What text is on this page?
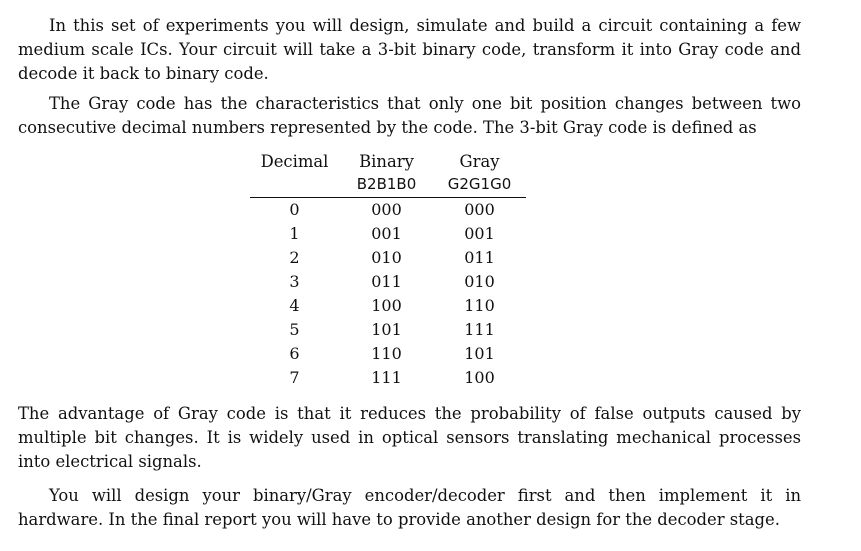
In this set of experiments you will design, simulate and build a circuit containing a few medium scale ICs. Your circuit will take a 3-bit binary code, transform it into Gray code and decode it back to binary code.

The Gray code has the characteristics that only one bit position changes between two consecutive decimal numbers represented by the code. The 3-bit Gray code is defined as

Decimal	Binary	Gray
	B2B1B0	G2G1G0
0	000	000
1	001	001
2	010	011
3	011	010
4	100	110
5	101	111
6	110	101
7	111	100

The advantage of Gray code is that it reduces the probability of false outputs caused by multiple bit changes. It is widely used in optical sensors translating mechanical processes into electrical signals.

You will design your binary/Gray encoder/decoder first and then implement it in hardware. In the final report you will have to provide another design for the decoder stage.
